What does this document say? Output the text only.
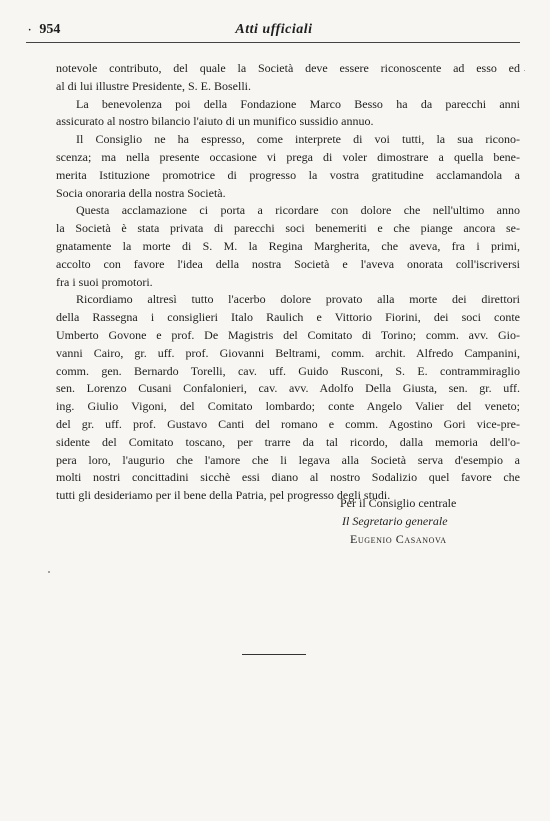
· 954	Atti ufficiali

notevole contributo, del quale la Società deve essere riconoscente ad esso ed
al di lui illustre Presidente, S. E. Boselli.

La benevolenza poi della Fondazione Marco Besso ha da parecchi anni

assicurato al nostro bilancio l'aiuto di un munifico sussidio annuo.

Il Consiglio ne ha espresso, come interprete di voi tutti, la sua ricono-

scenza; ma nella presente occasione vi prega di voler dimostrare a quella bene-
merita Istituzione promotrice di progresso la vostra gratitudine acclamandola a
Socia onoraria della nostra Società.

Questa acclamazione ci porta a ricordare con dolore che nell'ultimo anno

la Società è stata privata di parecchi soci benemeriti e che piange ancora se-
gnatamente la morte di S. M. la Regina Margherita, che aveva, fra i primi,
accolto con favore l'idea della nostra Società e l'aveva onorata coll'iscriversi
fra i suoi promotori.

Ricordiamo altresì tutto l'acerbo dolore provato alla morte dei direttori

della Rassegna i consiglieri Italo Raulich e Vittorio Fiorini, dei soci conte
Umberto Govone e prof. De Magistris del Comitato di Torino; comm. avv. Gio-
vanni Cairo, gr. uff. prof. Giovanni Beltrami, comm. archit. Alfredo Campanini,
comm. gen. Bernardo Torelli, cav. uff. Guido Rusconi, S. E. contrammiraglio
sen. Lorenzo Cusani Confalonieri, cav. avv. Adolfo Della Giusta, sen. gr. uff.
ing. Giulio Vigoni, del Comitato lombardo; conte Angelo Valier del veneto;
del gr. uff. prof. Gustavo Canti del romano e comm. Agostino Gori vice-pre-
sidente del Comitato toscano, per trarre da tal ricordo, dalla memoria dell'o-
pera loro, l'augurio che l'amore che li legava alla Società serva d'esempio a
molti nostri concittadini sicchè essi diano al nostro Sodalizio quel favore che
tutti gli desideriamo per il bene della Patria, pel progresso degli studi.

Per il Consiglio centrale
Il Segretario generale
Eugenio Casanova
